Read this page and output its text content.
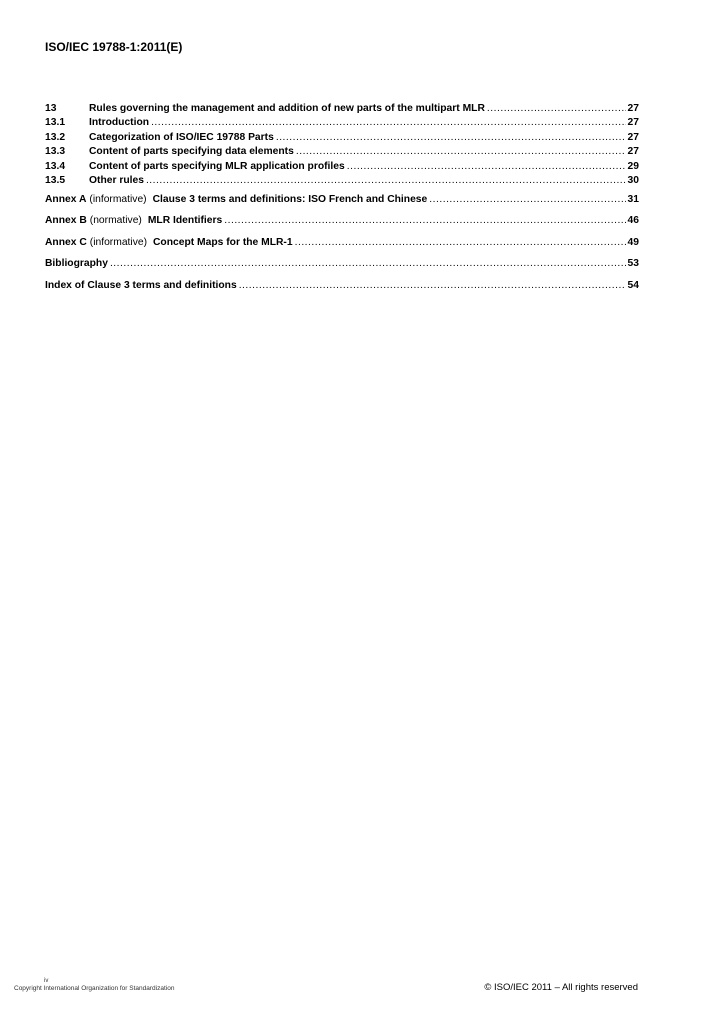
ISO/IEC 19788-1:2011(E)
13	Rules governing the management and addition of new parts of the multipart MLR .....	27
13.1	Introduction .....	27
13.2	Categorization of ISO/IEC 19788 Parts .....	27
13.3	Content of parts specifying data elements .....	27
13.4	Content of parts specifying MLR application profiles .....	29
13.5	Other rules .....	30
Annex A (informative) Clause 3 terms and definitions: ISO French and Chinese .....	31
Annex B (normative) MLR Identifiers .....	46
Annex C (informative) Concept Maps for the MLR-1 .....	49
Bibliography .....	53
Index of Clause 3 terms and definitions .....	54
iv
Copyright International Organization for Standardization	© ISO/IEC 2011 – All rights reserved
